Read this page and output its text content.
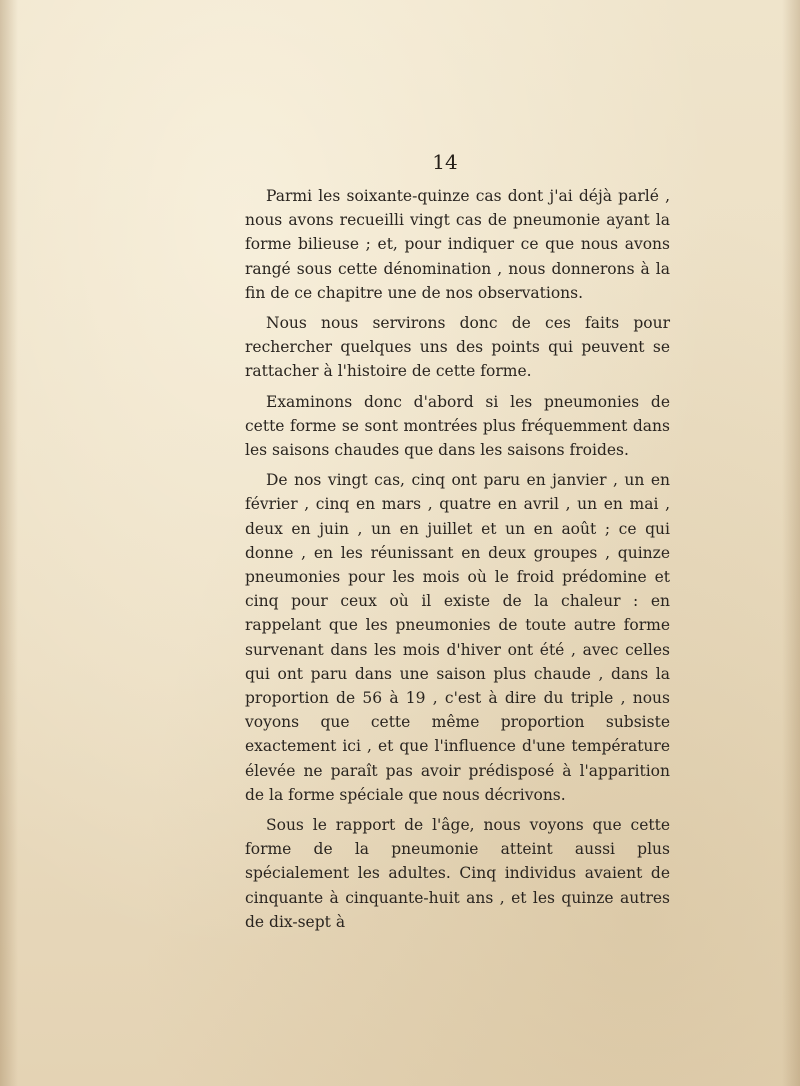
14

Parmi les soixante-quinze cas dont j'ai déjà parlé , nous avons recueilli vingt cas de pneumonie ayant la forme bilieuse ; et, pour indiquer ce que nous avons rangé sous cette dénomination , nous donnerons à la fin de ce chapitre une de nos observations.

Nous nous servirons donc de ces faits pour rechercher quelques uns des points qui peuvent se rattacher à l'histoire de cette forme.

Examinons donc d'abord si les pneumonies de cette forme se sont montrées plus fréquemment dans les saisons chaudes que dans les saisons froides.

De nos vingt cas, cinq ont paru en janvier , un en février , cinq en mars , quatre en avril , un en mai , deux en juin , un en juillet et un en août ; ce qui donne , en les réunissant en deux groupes , quinze pneumonies pour les mois où le froid prédomine et cinq pour ceux où il existe de la chaleur : en rappelant que les pneumonies de toute autre forme survenant dans les mois d'hiver ont été , avec celles qui ont paru dans une saison plus chaude , dans la proportion de 56 à 19 , c'est à dire du triple , nous voyons que cette même proportion subsiste exactement ici , et que l'influence d'une température élevée ne paraît pas avoir prédisposé à l'apparition de la forme spéciale que nous décrivons.

Sous le rapport de l'âge, nous voyons que cette forme de la pneumonie atteint aussi plus spécialement les adultes. Cinq individus avaient de cinquante à cinquante-huit ans , et les quinze autres de dix-sept à
